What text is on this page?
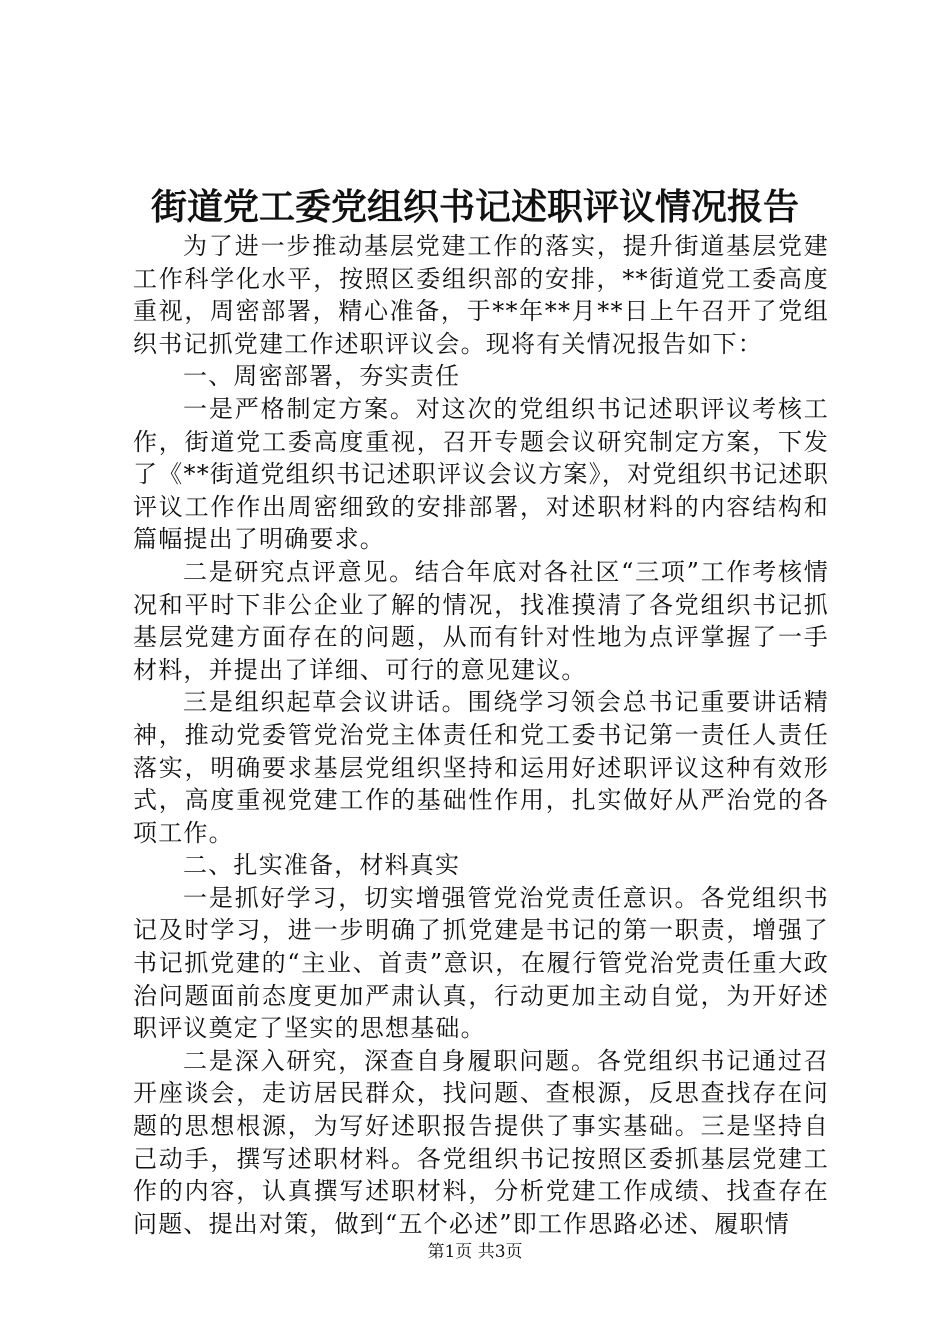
街道党工委党组织书记述职评议情况报告

为了进一步推动基层党建工作的落实，提升街道基层党建工作科学化水平，按照区委组织部的安排，**街道党工委高度重视，周密部署，精心准备，于**年**月**日上午召开了党组织书记抓党建工作述职评议会。现将有关情况报告如下：

一、周密部署，夯实责任

一是严格制定方案。对这次的党组织书记述职评议考核工作，街道党工委高度重视，召开专题会议研究制定方案，下发了《**街道党组织书记述职评议会议方案》，对党组织书记述职评议工作作出周密细致的安排部署，对述职材料的内容结构和篇幅提出了明确要求。

二是研究点评意见。结合年底对各社区“三项”工作考核情况和平时下非公企业了解的情况，找准摸清了各党组织书记抓基层党建方面存在的问题，从而有针对性地为点评掌握了一手材料，并提出了详细、可行的意见建议。

三是组织起草会议讲话。围绕学习领会总书记重要讲话精神，推动党委管党治党主体责任和党工委书记第一责任人责任落实，明确要求基层党组织坚持和运用好述职评议这种有效形式，高度重视党建工作的基础性作用，扎实做好从严治党的各项工作。

二、扎实准备，材料真实

一是抓好学习，切实增强管党治党责任意识。各党组织书记及时学习，进一步明确了抓党建是书记的第一职责，增强了书记抓党建的“主业、首责”意识，在履行管党治党责任重大政治问题面前态度更加严肃认真，行动更加主动自觉，为开好述职评议奠定了坚实的思想基础。

二是深入研究，深查自身履职问题。各党组织书记通过召开座谈会，走访居民群众，找问题、查根源，反思查找存在问题的思想根源，为写好述职报告提供了事实基础。三是坚持自己动手，撰写述职材料。各党组织书记按照区委抓基层党建工作的内容，认真撰写述职材料，分析党建工作成绩、找查存在问题、提出对策，做到“五个必述”即工作思路必述、履职情

第1页 共3页
